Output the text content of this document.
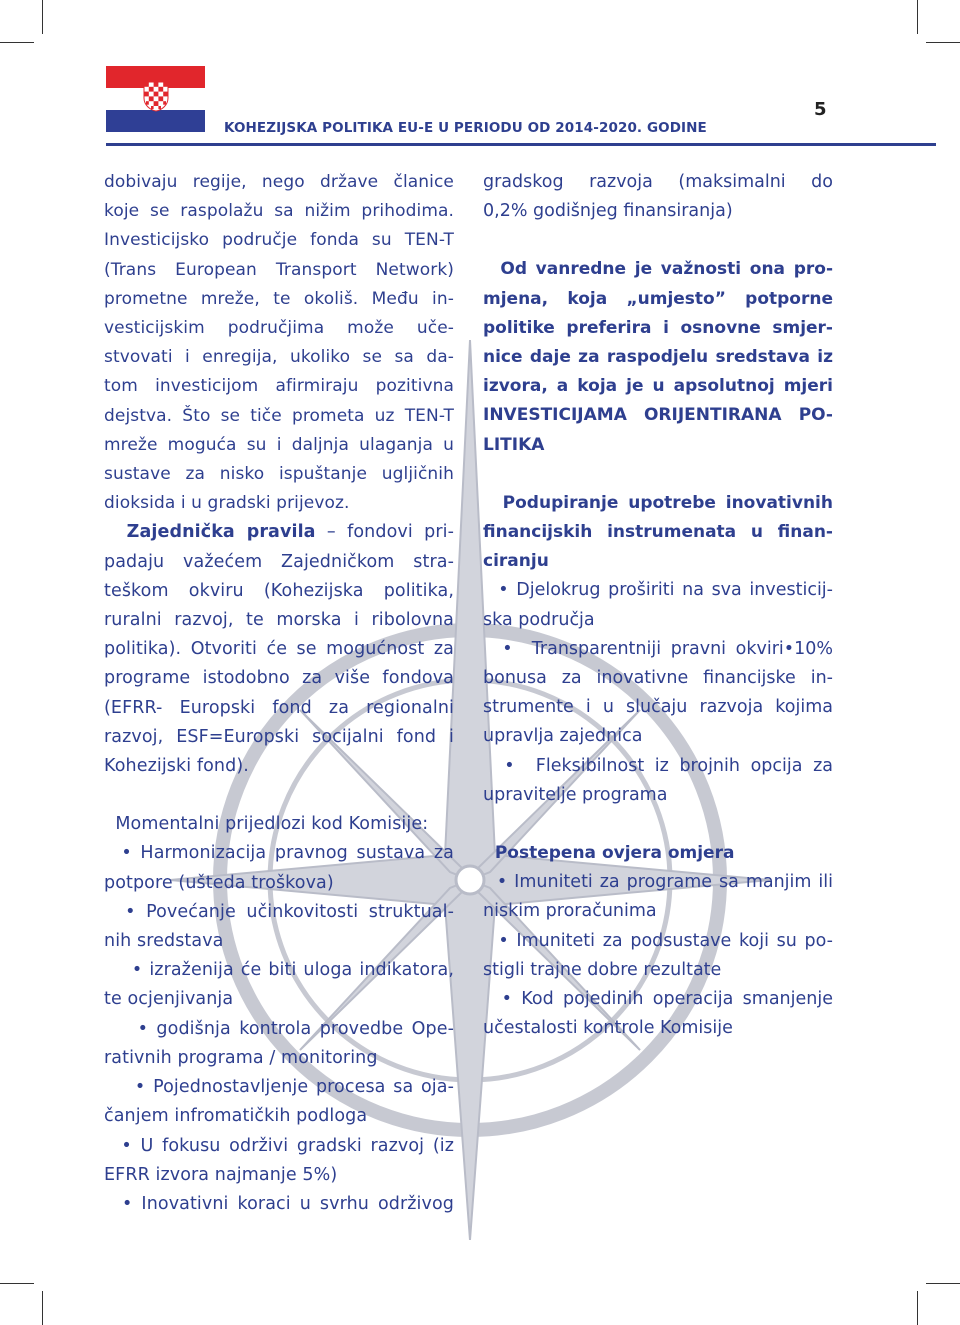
KOHEZIJSKA POLITIKA EU-E U PERIODU OD 2014-2020. GODINE
5

dobivaju regije, nego države članice
koje se raspolažu sa nižim prihodima.
Investicijsko područje fonda su TEN-T
(Trans European Transport Network)
prometne mreže, te okoliš. Među in-
vesticijskim područjima može uče-
stvovati i enregija, ukoliko se sa da-
tom investicijom afirmiraju pozitivna
dejstva. Što se tiče prometa uz TEN-T
mreže moguća su i daljnja ulaganja u
sustave za nisko ispuštanje ugljičnih
dioksida i u gradski prijevoz.

Zajednička pravila – fondovi pri-
padaju važećem Zajedničkom stra-
teškom okviru (Kohezijska politika,
ruralni razvoj, te morska i ribolovna
politika). Otvoriti će se mogućnost za
programe istodobno za više fondova
(EFRR- Europski fond za regionalni
razvoj, ESF=Europski socijalni fond i
Kohezijski fond).

Momentalni prijedlozi kod Komisije:
• Harmonizacija pravnog sustava za
potpore (ušteda troškova)
• Povećanje učinkovitosti struktual-
nih sredstava
• izraženija će biti uloga indikatora,
te ocjenjivanja
• godišnja kontrola provedbe Ope-
rativnih programa / monitoring
• Pojednostavljenje procesa sa oja-
čanjem infromatičkih podloga
• U fokusu održivi gradski razvoj (iz
EFRR izvora najmanje 5%)
• Inovativni koraci u svrhu održivog

gradskog razvoja (maksimalni do
0,2% godišnjeg finansiranja)

Od vanredne je važnosti ona pro-
mjena, koja „umjesto” potporne
politike preferira i osnovne smjer-
nice daje za raspodjelu sredstava iz
izvora, a koja je u apsolutnoj mjeri
INVESTICIJAMA ORIJENTIRANA PO-
LITIKA

Podupiranje upotrebe inovativnih
financijskih instrumenata u finan-
ciranju
• Djelokrug proširiti na sva investicij-
ska područja
•  Transparentniji pravni okviri•10%
bonusa za inovativne financijske in-
strumente i u slučaju razvoja kojima
upravlja zajednica
•  Fleksibilnost iz brojnih opcija za
upravitelje programa

Postepena ovjera omjera
• Imuniteti za programe sa manjim ili
niskim proračunima
• Imuniteti za podsustave koji su po-
stigli trajne dobre rezultate
• Kod pojedinih operacija smanjenje
učestalosti kontrole Komisije
